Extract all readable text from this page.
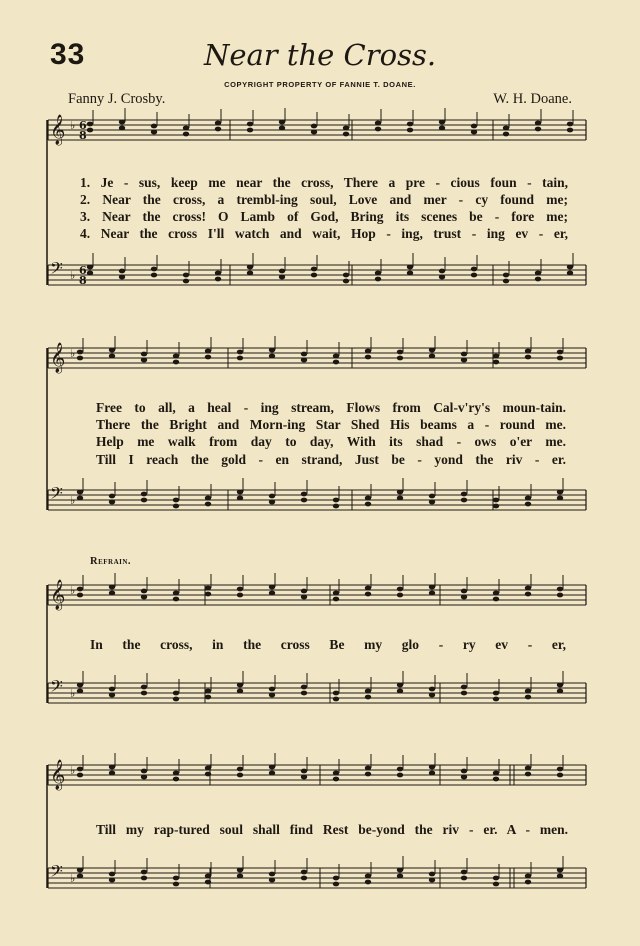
33	Near the Cross.
COPYRIGHT PROPERTY OF FANNIE T. DOANE.
Fanny J. Crosby.	W. H. Doane.
𝄞 ♭ 6
8
𝄢 ♭ 6
8
𝄞 ♭
𝄢 ♭
𝄞 ♭
𝄢 ♭
𝄞 ♭
𝄢 ♭
1. Je - sus, keep me near the cross, There a pre - cious foun - tain,
2. Near the cross, a trembl-ing soul, Love and mer - cy found me;
3. Near the cross! O Lamb of God, Bring its scenes be - fore me;
4. Near the cross I'll watch and wait, Hop - ing, trust - ing ev - er,
Free to all, a heal - ing stream, Flows from Cal-v'ry's moun-tain.
There the Bright and Morn-ing Star Shed His beams a - round me.
Help me walk from day to day, With its shad - ows o'er me.
Till I reach the gold - en strand, Just be - yond the riv - er.
Refrain.
In the cross, in the cross Be my glo - ry ev - er,
Till my rap-tured soul shall find Rest be-yond the riv - er. A - men.
